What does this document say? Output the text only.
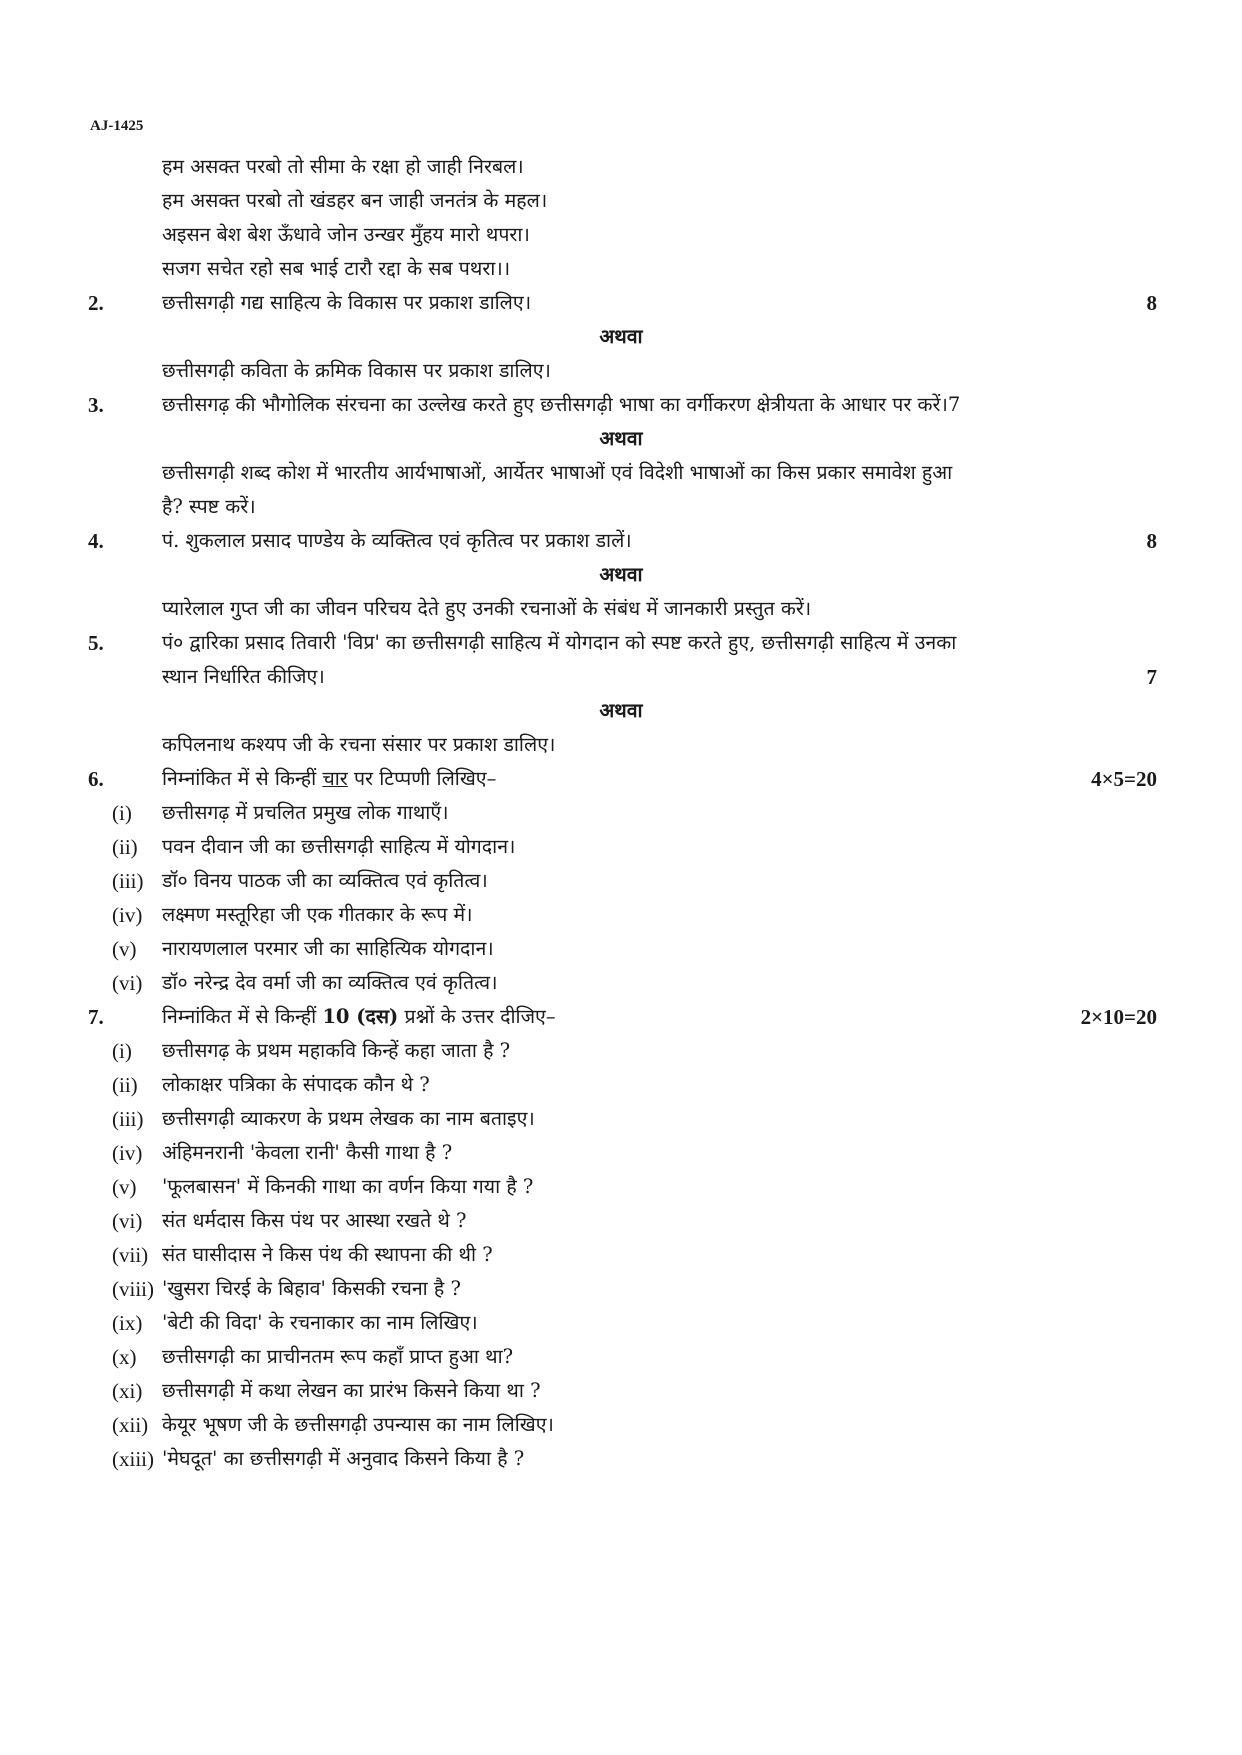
AJ-1425
हम असक्त परबो तो सीमा के रक्षा हो जाही निरबल।
हम असक्त परबाे तो खंडहर बन जाही जनतंत्र के महल।
अइसन बेश बेश ऊँधावे जोन उन्खर मुँहय मारो थपरा।
सजग सचेत रहो सब भाई टारौ रद्दा के सब पथरा।।
2.	छत्तीसगढ़ी गद्य साहित्य के विकास पर प्रकाश डालिए।	8
अथवा
छत्तीसगढ़ी कविता के क्रमिक विकास पर प्रकाश डालिए।
3.	छत्तीसगढ़ की भौगोलिक संरचना का उल्लेख करते हुए छत्तीसगढ़ी भाषा का वर्गीकरण क्षेत्रीयता के आधार पर करें।7
अथवा
छत्तीसगढ़ी शब्द कोश में भारतीय आर्यभाषाओं, आर्येतर भाषाओं एवं विदेशी भाषाओं का किस प्रकार समावेश हुआ
है? स्पष्ट करें।
4.	पं. शुकलाल प्रसाद पाण्डेय के व्यक्तित्व एवं कृतित्व पर प्रकाश डालें।	8
अथवा
प्यारेलाल गुप्त जी का जीवन परिचय देते हुए उनकी रचनाओं के संबंध में जानकारी प्रस्तुत करें।
5.	पं० द्वारिका प्रसाद तिवारी 'विप्र' का छत्तीसगढ़ी साहित्य में योगदान को स्पष्ट करते हुए, छत्तीसगढ़ी साहित्य में उनका
स्थान निर्धारित कीजिए।	7
अथवा
कपिलनाथ कश्यप जी के रचना संसार पर प्रकाश डालिए।
6.	निम्नांकित में से किन्हीं चार पर टिप्पणी लिखिए–	4×5=20
(i) छत्तीसगढ़ में प्रचलित प्रमुख लोक गाथाएँ।
(ii) पवन दीवान जी का छत्तीसगढ़ी साहित्य में योगदान।
(iii) डॉ० विनय पाठक जी का व्यक्तित्व एवं कृतित्व।
(iv) लक्ष्मण मस्तूरिहा जी एक गीतकार के रूप में।
(v) नारायणलाल परमार जी का साहित्यिक योगदान।
(vi) डॉ० नरेन्द्र देव वर्मा जी का व्यक्तित्व एवं कृतित्व।
7.	निम्नांकित में से किन्हीं 10 (दस) प्रश्नों के उत्तर दीजिए–	2×10=20
(i) छत्तीसगढ़ के प्रथम महाकवि किन्हें कहा जाता है ?
(ii) लोकाक्षर पत्रिका के संपादक कौन थे ?
(iii) छत्तीसगढ़ी व्याकरण के प्रथम लेखक का नाम बताइए।
(iv) अंहिमनरानी 'केवला रानी' कैसी गाथा है ?
(v) 'फूलबासन' में किनकी गाथा का वर्णन किया गया है ?
(vi) संत धर्मदास किस पंथ पर आस्था रखते थे ?
(vii) संत घासीदास ने किस पंथ की स्थापना की थी ?
(viii) 'खुसरा चिरई के बिहाव' किसकी रचना है ?
(ix) 'बेटी की विदा' के रचनाकार का नाम लिखिए।
(x) छत्तीसगढ़ी का प्राचीनतम रूप कहाँ प्राप्त हुआ था?
(xi) छत्तीसगढ़ी में कथा लेखन का प्रारंभ किसने किया था ?
(xii) केयूर भूषण जी के छत्तीसगढ़ी उपन्यास का नाम लिखिए।
(xiii) 'मेघदूत' का छत्तीसगढ़ी में अनुवाद किसने किया है ?
